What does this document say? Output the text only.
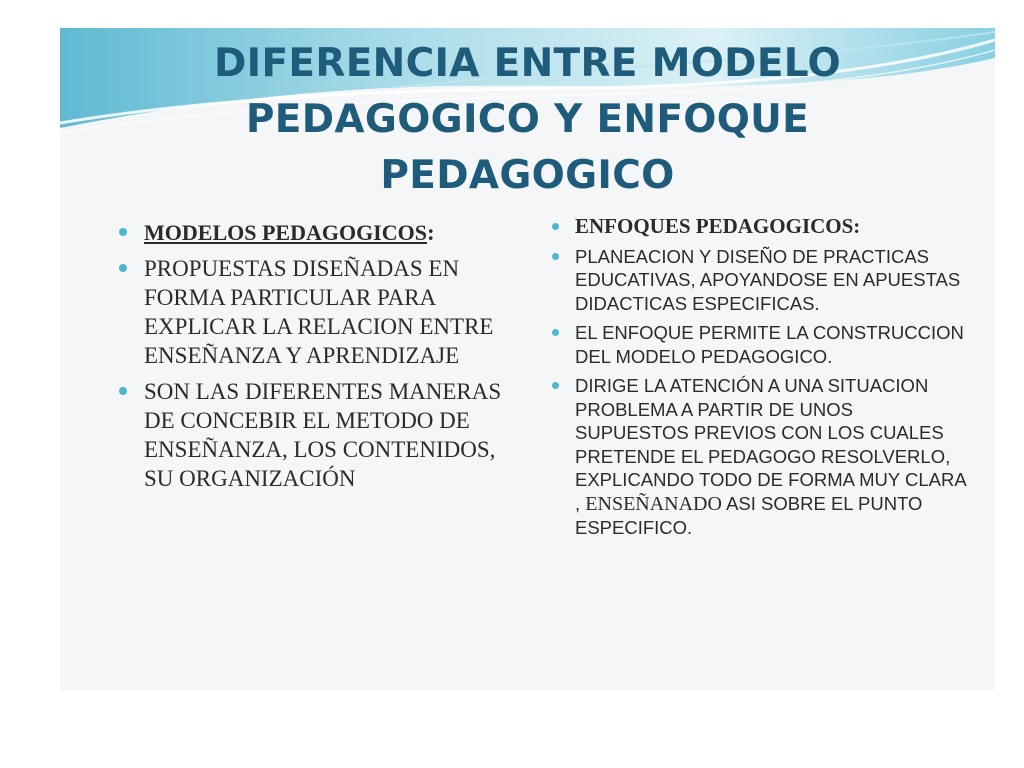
DIFERENCIA ENTRE MODELO
PEDAGOGICO Y ENFOQUE
PEDAGOGICO
MODELOS PEDAGOGICOS:
PROPUESTAS DISEÑADAS EN FORMA PARTICULAR PARA EXPLICAR LA RELACION ENTRE ENSEÑANZA Y APRENDIZAJE
SON LAS DIFERENTES MANERAS DE CONCEBIR EL METODO DE ENSEÑANZA, LOS CONTENIDOS, SU ORGANIZACIÓN
ENFOQUES PEDAGOGICOS:
PLANEACION Y DISEÑO DE PRACTICAS EDUCATIVAS, APOYANDOSE EN APUESTAS DIDACTICAS ESPECIFICAS.
EL ENFOQUE PERMITE LA CONSTRUCCION DEL MODELO PEDAGOGICO.
DIRIGE LA ATENCIÓN A UNA SITUACION PROBLEMA A PARTIR DE UNOS SUPUESTOS PREVIOS CON LOS CUALES PRETENDE EL PEDAGOGO RESOLVERLO, EXPLICANDO TODO DE FORMA MUY CLARA , ENSEÑANADO ASI SOBRE EL PUNTO ESPECIFICO.
